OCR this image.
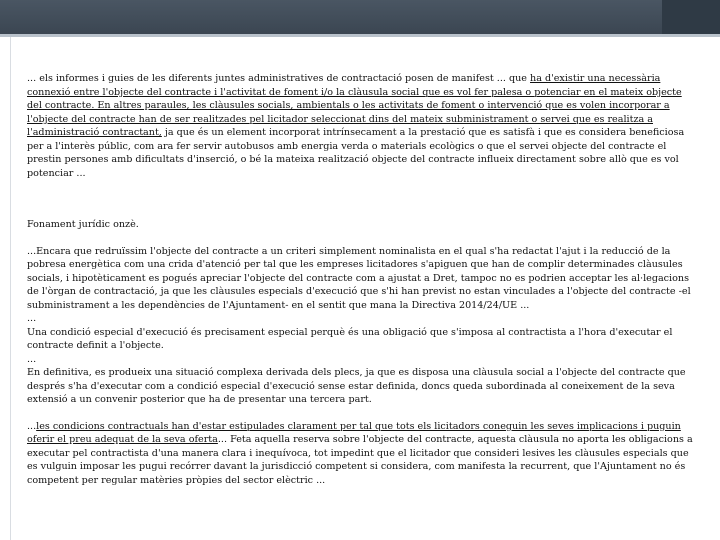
... els informes i guies de les diferents juntes administratives de contractació posen de manifest ... que ha d'existir una necessària connexió entre l'objecte del contracte i l'activitat de foment i/o la clàusula social que es vol fer palesa o potenciar en el mateix objecte del contracte. En altres paraules, les clàusules socials, ambientals o les activitats de foment o intervenció que es volen incorporar a l'objecte del contracte han de ser realitzades pel licitador seleccionat dins del mateix subministrament o servei que es realitza a l'administració contractant, ja que és un element incorporat intrínsecament a la prestació que es satisfà i que es considera beneficiosa per a l'interès públic, com ara fer servir autobusos amb energia verda o materials ecològics o que el servei objecte del contracte el prestin persones amb dificultats d'inserció, o bé la mateixa realització objecte del contracte influeix directament sobre allò que es vol potenciar ...

Fonament jurídic onzè.

...Encara que redruïssim l'objecte del contracte a un criteri simplement nominalista en el qual s'ha redactat l'ajut i la reducció de la pobresa energètica com una crida d'atenció per tal que les empreses licitadores s'apiguen que han de complir determinades clàusules socials, i hipotèticament es pogués apreciar l'objecte del contracte com a ajustat a Dret, tampoc no es podrien acceptar les al·legacions de l'òrgan de contractació, ja que les clàusules especials d'execució que s'hi han previst no estan vinculades a l'objecte del contracte -el subministrament a les dependències de l'Ajuntament- en el sentit que mana la Directiva 2014/24/UE ...

...

Una condició especial d'execució és precisament especial perquè és una obligació que s'imposa al contractista a l'hora d'executar el contracte definit a l'objecte.

...

En definitiva, es produeix una situació complexa derivada dels plecs, ja que es disposa una clàusula social a l'objecte del contracte que després s'ha d'executar com a condició especial d'execució sense estar definida, doncs queda subordinada al coneixement de la seva extensió a un convenir posterior que ha de presentar una tercera part.

...les condicions contractuals han d'estar estipulades clarament per tal que tots els licitadors coneguin les seves implicacions i puguin oferir el preu adequat de la seva oferta... Feta aquella reserva sobre l'objecte del contracte, aquesta clàusula no aporta les obligacions a executar pel contractista d'una manera clara i inequívoca, tot impedint que el licitador que consideri lesives les clàusules especials que es vulguin imposar les pugui recórrer davant la jurisdicció competent si considera, com manifesta la recurrent, que l'Ajuntament no és competent per regular matèries pròpies del sector elèctric ...
